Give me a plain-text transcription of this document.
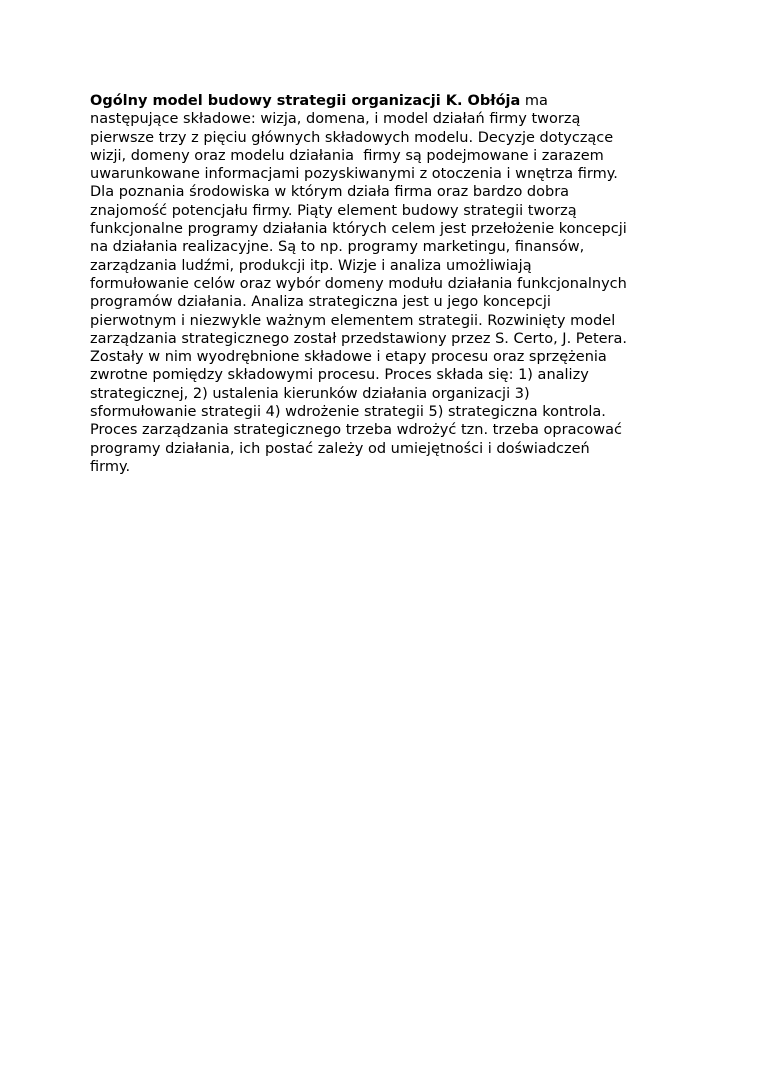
Ogólny model budowy strategii organizacji K. Obłója ma
następujące składowe: wizja, domena, i model działań firmy tworzą
pierwsze trzy z pięciu głównych składowych modelu. Decyzje dotyczące
wizji, domeny oraz modelu działania  firmy są podejmowane i zarazem
uwarunkowane informacjami pozyskiwanymi z otoczenia i wnętrza firmy.
Dla poznania środowiska w którym działa firma oraz bardzo dobra
znajomość potencjału firmy. Piąty element budowy strategii tworzą
funkcjonalne programy działania których celem jest przełożenie koncepcji
na działania realizacyjne. Są to np. programy marketingu, finansów,
zarządzania ludźmi, produkcji itp. Wizje i analiza umożliwiają
formułowanie celów oraz wybór domeny modułu działania funkcjonalnych
programów działania. Analiza strategiczna jest u jego koncepcji
pierwotnym i niezwykle ważnym elementem strategii. Rozwinięty model
zarządzania strategicznego został przedstawiony przez S. Certo, J. Petera.
Zostały w nim wyodrębnione składowe i etapy procesu oraz sprzężenia
zwrotne pomiędzy składowymi procesu. Proces składa się: 1) analizy
strategicznej, 2) ustalenia kierunków działania organizacji 3)
sformułowanie strategii 4) wdrożenie strategii 5) strategiczna kontrola.
Proces zarządzania strategicznego trzeba wdrożyć tzn. trzeba opracować
programy działania, ich postać zależy od umiejętności i doświadczeń
firmy.
